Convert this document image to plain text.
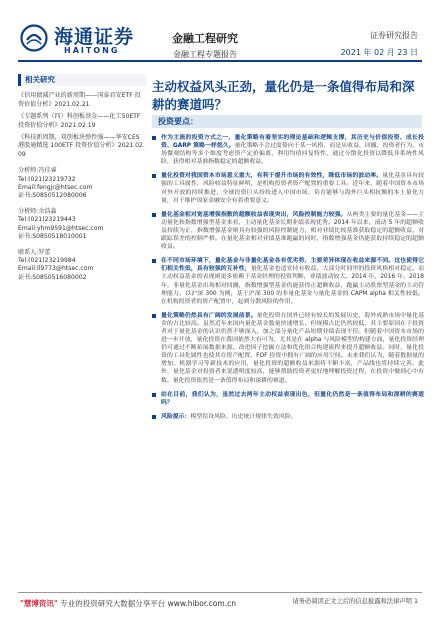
海通证券
HAITONG
金融工程研究
金融工程专题报告
证券研究报告
2021 年 02 月 23 日
相关研究
《信用债减产业的新周期——国泰君安ETF 投资价值分析》2021.02.21
《专题系列（四）科创板基金——化工50ETF 投资价值分析》2021.02.19
《科技新周期，双创板块弹性强——华安CES 港股通精选 100ETF 投资价值分析》2021.02.09
分析师:冯佳睿
Tel:(021)23219732
Email:fengjr@htsec.com
证书:S0850512080006
分析师:余浩淼
Tel:(021)23219443
Email:yhm9591@htsec.com
证书:S0850518010001
联系人:罗蕾
Tel:(021)23219984
Email:ll9773@htsec.com
证书:S0850516080002
主动权益风头正劲，量化仍是一条值得布局和深耕的赛道吗？
投资要点：
作为主流的投资方式之一，量化策略有着坚实的理论基础和逻辑支撑，其历史与价值投资、成长投资、GARP 策略一样悠久。量化策略不会过度倚向于某一风格，而是从收益、回撤、投资者行为、市场微观结构等多个维度考虑资产定价偏离，利用均值回复特性，通过分散化投资以降低非系统性风险，获得相对基准指数稳定的超额收益。
量化投资对我国资本市场意义重大，有利于提升市场的有效性，降低市场的波动率。量化基金具有较强的工具属性，风险收益特征鲜明，是机构投资者资产配置的重要工具。近年来，随着中国资本市场对外开放的持续推进，全球投资巨头纷纷进入中国市场，培育能够与海外巨头相抗衡的本土量化力量，对于维护国家金融安全有着重要意义。
量化基金相对宽基增强指数的超额收益表现突出，风险控制能力较强。从两类主要的量化基金——主动量化和指数增强型基金来看，主动量化基金长期业绩表现优秀。2014 年以来，滚动 5 年的超额收益持续为正，指数增强基金则具有较强的风险控制能力，相对业绩比较基准获取稳定的超额收益，对跟踪误差的控制严格。在量化基金相对业绩基准跑赢的同时，指数增强基金仍能获取持续稳定的超额收益。
在不同市场环境下，量化基金与非量化基金各有优劣势，主要差异体现在收益来源不同。这也使得它们相关性低，具有较强的互补性，量化基金也适宜持有收益，大部分时间里的投资风格相对稳定。而主动权益基金的表现则更多依赖于基金经理的投资判断，业绩波动较大。2014 年、2016 年、2018 年，非量化基金出现相对回撤，指数增强型基金仍能获得正超额收益，跑赢主动股票型基金的主动管理能力。以沪深 300 为例，基于沪深 300 的非量化基金与量化基金的 CAPM alpha 相关性较低。在机构投资者的资产配置中，起到分散风险的作用。
量化策略仍然具有广阔的发展前景。量化投资在国外已经有较长的发展历史，海外成熟市场中量化基金的占比较高。虽然近年来国内量化基金数量快速增长，但规模占比仍然较低，其主要原因在于投资者对于量化基金的认识仍然不够深入，加之部分量化产品短期业绩表现不佳。但随着中国资本市场的进一步开放，量化投资在我国依然大有可为。尤其是在 alpha 与风险模型的构建方面，量化投资经理仍可通过不断拓展数据来源、改进因子挖掘方法和优化组合构建流程来提升超额收益。同时，量化投资的工具化属性也使其在资产配置、FOF 投资中拥有广阔的应用空间。未来我们认为，随着数据量的增加、机器学习等新技术的应用，量化投资的超额收益来源将不断丰富，产品线也将持续完善。此外，量化基金对投资者来说透明度较高，能够帮助投资者更好地理解投资过程，在投资中做到心中有数。量化投资依然是一条值得布局和深耕的赛道。
站在目前，我们认为，虽然过去两年主动权益表现出色，但量化仍然是一条值得布局和深耕的赛道吗？
风险提示：模型误设风险、历史统计规律失效风险。
"慧博资讯" 专业的投资研究大数据分享平台 www.hibor.com.cn	请务必阅读正文之后的信息披露和法律声明 1
